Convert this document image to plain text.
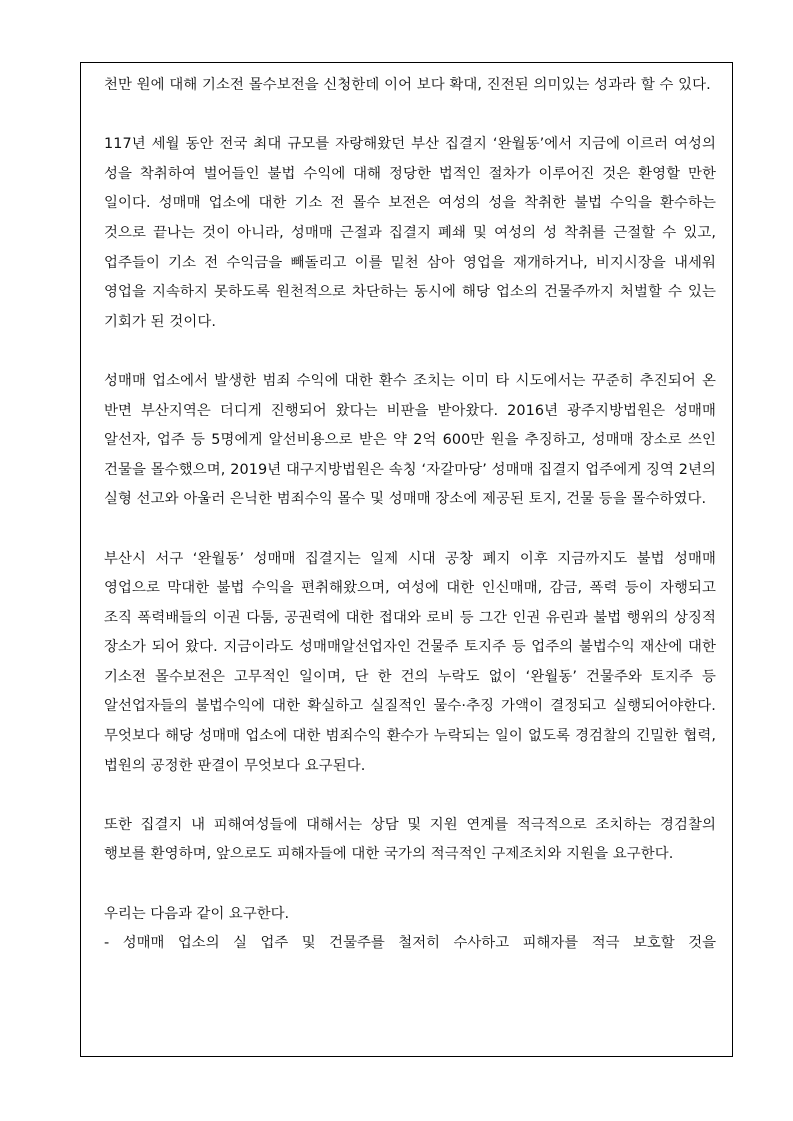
천만 원에 대해 기소전 몰수보전을 신청한데 이어 보다 확대, 진전된 의미있는 성과라 할 수 있다.

117년 세월 동안 전국 최대 규모를 자랑해왔던 부산 집결지 ‘완월동’에서 지금에 이르러 여성의 성을 착취하여 벌어들인 불법 수익에 대해 정당한 법적인 절차가 이루어진 것은 환영할 만한 일이다. 성매매 업소에 대한 기소 전 몰수 보전은 여성의 성을 착취한 불법 수익을 환수하는 것으로 끝나는 것이 아니라, 성매매 근절과 집결지 폐쇄 및 여성의 성 착취를 근절할 수 있고, 업주들이 기소 전 수익금을 빼돌리고 이를 밑천 삼아 영업을 재개하거나, 비지시장을 내세워 영업을 지속하지 못하도록 원천적으로 차단하는 동시에 해당 업소의 건물주까지 처벌할 수 있는 기회가 된 것이다.

성매매 업소에서 발생한 범죄 수익에 대한 환수 조치는 이미 타 시도에서는 꾸준히 추진되어 온 반면 부산지역은 더디게 진행되어 왔다는 비판을 받아왔다. 2016년 광주지방법원은 성매매 알선자, 업주 등 5명에게 알선비용으로 받은 약 2억 600만 원을 추징하고, 성매매 장소로 쓰인 건물을 몰수했으며, 2019년 대구지방법원은 속칭 ‘자갈마당’ 성매매 집결지 업주에게 징역 2년의 실형 선고와 아울러 은닉한 범죄수익 몰수 및 성매매 장소에 제공된 토지, 건물 등을 몰수하였다.

부산시 서구 ‘완월동’ 성매매 집결지는 일제 시대 공창 폐지 이후 지금까지도 불법 성매매 영업으로 막대한 불법 수익을 편취해왔으며, 여성에 대한 인신매매, 감금, 폭력 등이 자행되고 조직 폭력배들의 이권 다툼, 공권력에 대한 접대와 로비 등 그간 인권 유린과 불법 행위의 상징적 장소가 되어 왔다. 지금이라도 성매매알선업자인 건물주 토지주 등 업주의 불법수익 재산에 대한 기소전 몰수보전은 고무적인 일이며, 단 한 건의 누락도 없이 ‘완월동’ 건물주와 토지주 등 알선업자들의 불법수익에 대한 확실하고 실질적인 물수·추징 가액이 결정되고 실행되어야한다. 무엇보다 해당 성매매 업소에 대한 범죄수익 환수가 누락되는 일이 없도록 경검찰의 긴밀한 협력, 법원의 공정한 판결이 무엇보다 요구된다.

또한 집결지 내 피해여성들에 대해서는 상담 및 지원 연계를 적극적으로 조치하는 경검찰의 행보를 환영하며, 앞으로도 피해자들에 대한 국가의 적극적인 구제조치와 지원을 요구한다.

우리는 다음과 같이 요구한다.

- 성매매 업소의 실 업주 및 건물주를 철저히 수사하고 피해자를 적극 보호할 것을
